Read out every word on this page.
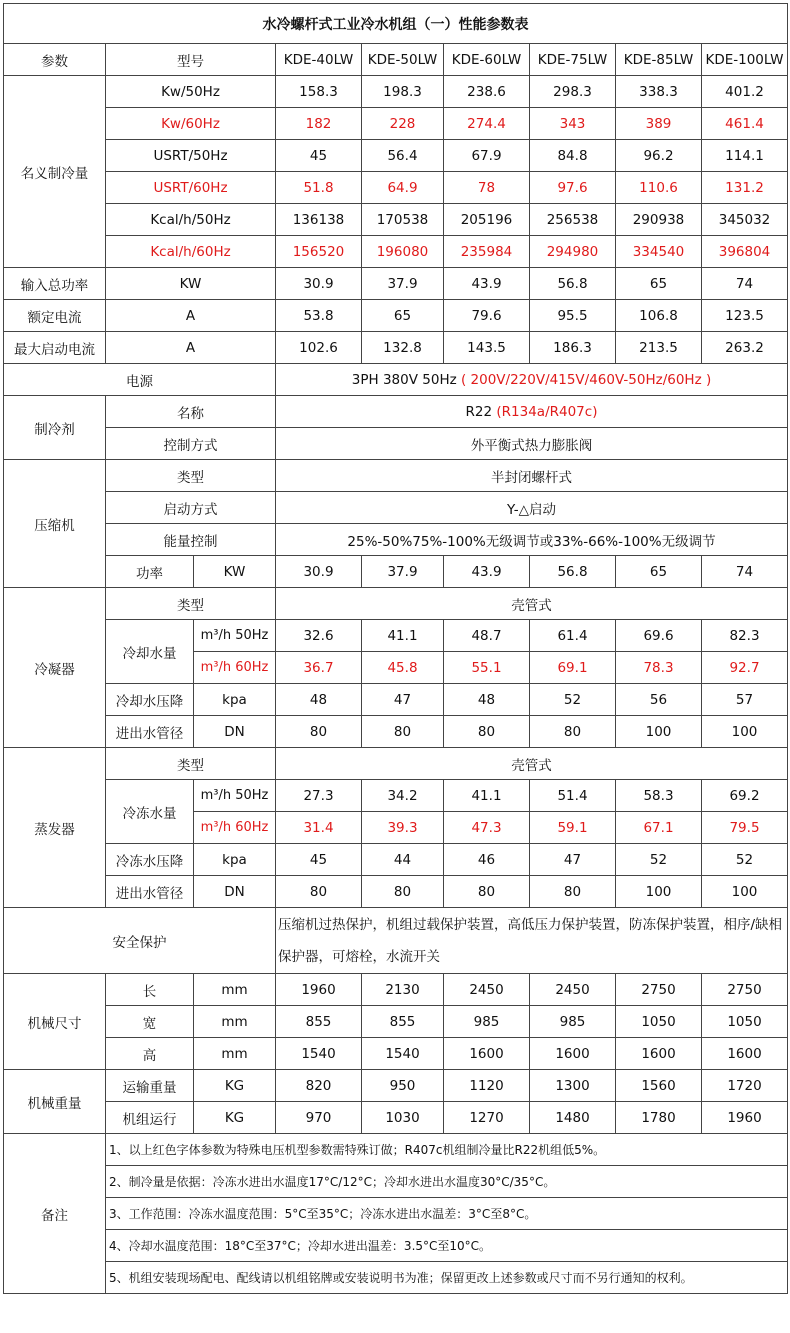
水冷螺杆式工业冷水机组（一）性能参数表								
参数	型号		KDE-40LW	KDE-50LW	KDE-60LW	KDE-75LW	KDE-85LW	KDE-100LW
名义制冷量	Kw/50Hz		158.3	198.3	238.6	298.3	338.3	401.2
	Kw/60Hz		182	228	274.4	343	389	461.4
	USRT/50Hz		45	56.4	67.9	84.8	96.2	114.1
	USRT/60Hz		51.8	64.9	78	97.6	110.6	131.2
	Kcal/h/50Hz		136138	170538	205196	256538	290938	345032
	Kcal/h/60Hz		156520	196080	235984	294980	334540	396804
输入总功率	KW		30.9	37.9	43.9	56.8	65	74
额定电流	A		53.8	65	79.6	95.5	106.8	123.5
最大启动电流	A		102.6	132.8	143.5	186.3	213.5	263.2
电源			3PH 380V 50Hz ( 200V/220V/415V/460V-50Hz/60Hz )					
制冷剂	名称		R22 (R134a/R407c)					
	控制方式		外平衡式热力膨胀阀					
压缩机	类型		半封闭螺杆式					
	启动方式		Y-△启动					
	能量控制		25%-50%75%-100%无级调节或33%-66%-100%无级调节					
	功率	KW	30.9	37.9	43.9	56.8	65	74
冷凝器	类型		壳管式					
	冷却水量	m³/h 50Hz	32.6	41.1	48.7	61.4	69.6	82.3
		m³/h 60Hz	36.7	45.8	55.1	69.1	78.3	92.7
	冷却水压降	kpa	48	47	48	52	56	57
	进出水管径	DN	80	80	80	80	100	100
蒸发器	类型		壳管式					
	冷冻水量	m³/h 50Hz	27.3	34.2	41.1	51.4	58.3	69.2
		m³/h 60Hz	31.4	39.3	47.3	59.1	67.1	79.5
	冷冻水压降	kpa	45	44	46	47	52	52
	进出水管径	DN	80	80	80	80	100	100
安全保护			压缩机过热保护，机组过载保护装置，高低压力保护装置，防冻保护装置，相序/缺相保护器，可熔栓，水流开关					
机械尺寸	长	mm	1960	2130	2450	2450	2750	2750
	宽	mm	855	855	985	985	1050	1050
	高	mm	1540	1540	1600	1600	1600	1600
机械重量	运输重量	KG	820	950	1120	1300	1560	1720
	机组运行	KG	970	1030	1270	1480	1780	1960
备注	1、以上红色字体参数为特殊电压机型参数需特殊订做；R407c机组制冷量比R22机组低5%。							
	2、制冷量是依据：冷冻水进出水温度17°C/12°C；冷却水进出水温度30°C/35°C。							
	3、工作范围：冷冻水温度范围：5°C至35°C；冷冻水进出水温差：3°C至8°C。							
	4、冷却水温度范围：18°C至37°C；冷却水进出温差：3.5°C至10°C。							
	5、机组安装现场配电、配线请以机组铭牌或安装说明书为准；保留更改上述参数或尺寸而不另行通知的权利。							
